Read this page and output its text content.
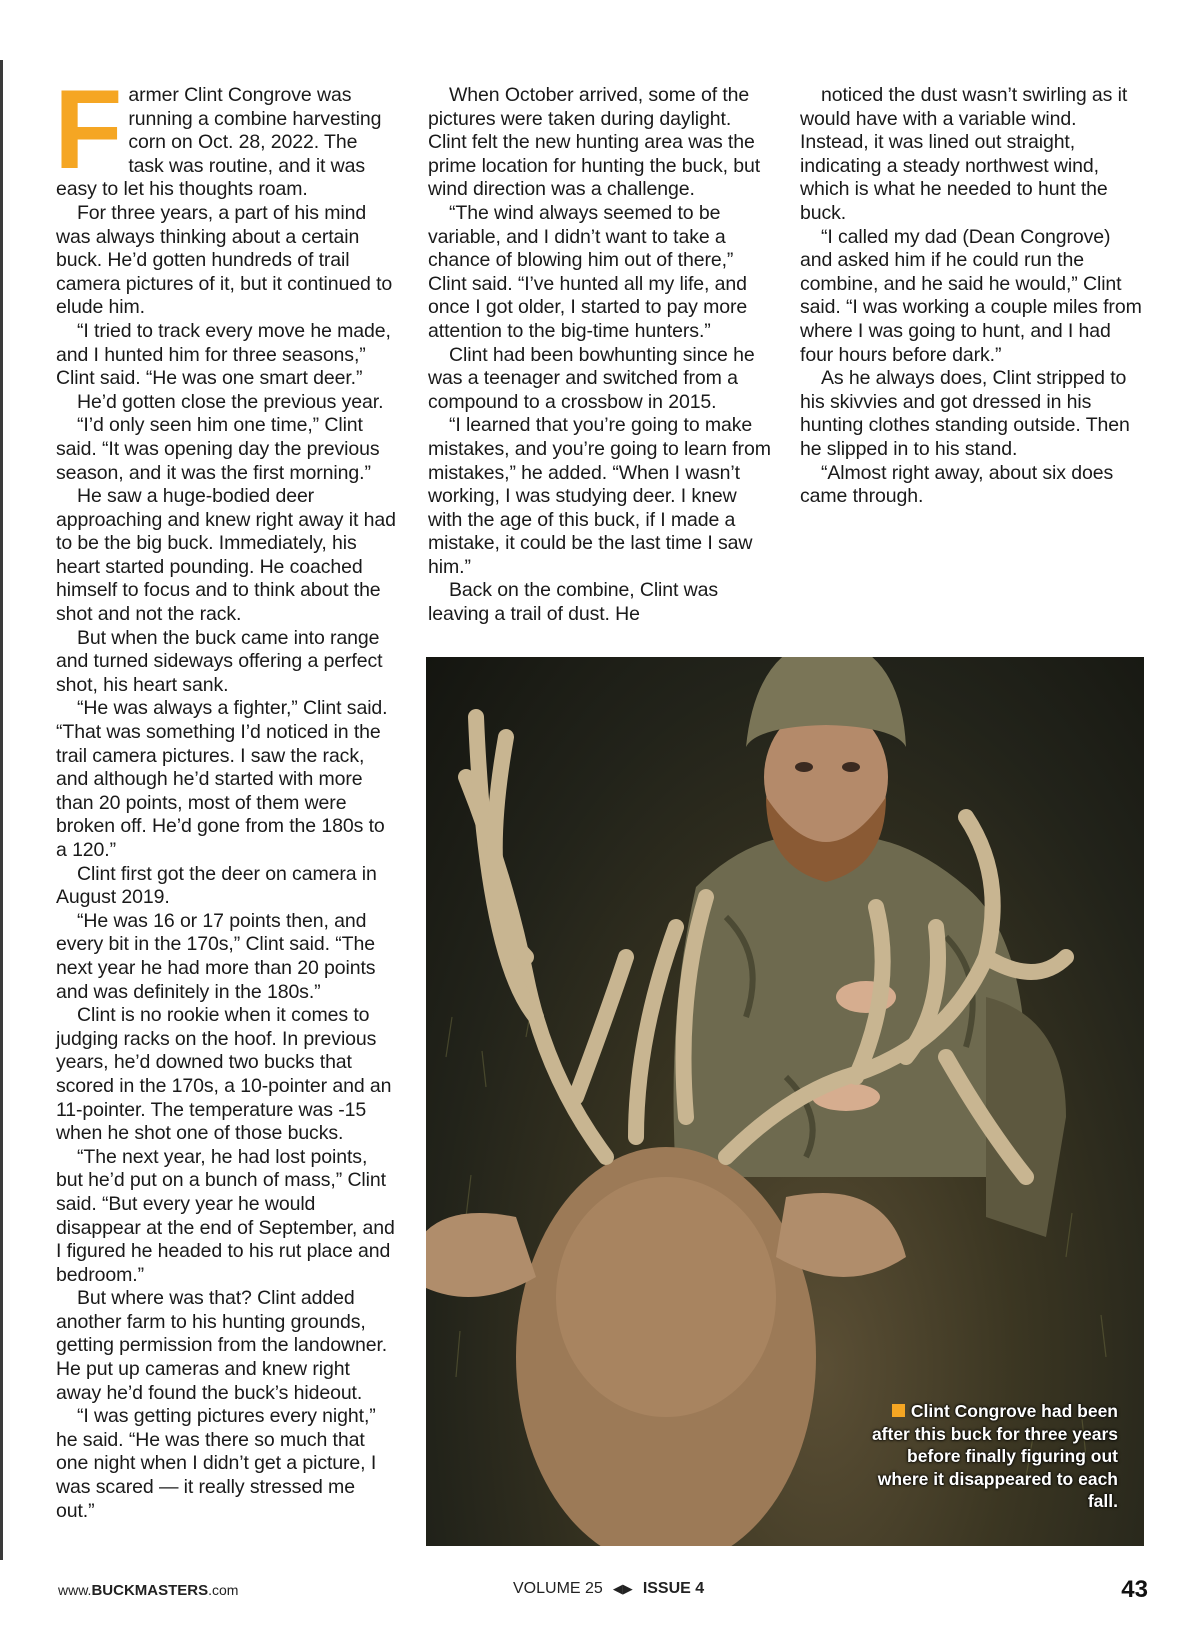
F armer Clint Congrove was running a combine harvesting corn on Oct. 28, 2022. The task was routine, and it was easy to let his thoughts roam.

For three years, a part of his mind was always thinking about a certain buck. He’d gotten hundreds of trail camera pictures of it, but it continued to elude him.

“I tried to track every move he made, and I hunted him for three seasons,” Clint said. “He was one smart deer.”

He’d gotten close the previous year.

“I’d only seen him one time,” Clint said. “It was opening day the previous season, and it was the first morning.”

He saw a huge-bodied deer approaching and knew right away it had to be the big buck. Immediately, his heart started pounding. He coached himself to focus and to think about the shot and not the rack.

But when the buck came into range and turned sideways offering a perfect shot, his heart sank.

“He was always a fighter,” Clint said. “That was something I’d noticed in the trail camera pictures. I saw the rack, and although he’d started with more than 20 points, most of them were broken off. He’d gone from the 180s to a 120.”

Clint first got the deer on camera in August 2019.

“He was 16 or 17 points then, and every bit in the 170s,” Clint said. “The next year he had more than 20 points and was definitely in the 180s.”

Clint is no rookie when it comes to judging racks on the hoof. In previous years, he’d downed two bucks that scored in the 170s, a 10-pointer and an 11-pointer. The temperature was -15 when he shot one of those bucks.

“The next year, he had lost points, but he’d put on a bunch of mass,” Clint said. “But every year he would disappear at the end of September, and I figured he headed to his rut place and bedroom.”

But where was that? Clint added another farm to his hunting grounds, getting permission from the landowner. He put up cameras and knew right away he’d found the buck’s hideout.

“I was getting pictures every night,” he said. “He was there so much that one night when I didn’t get a picture, I was scared — it really stressed me out.”

When October arrived, some of the pictures were taken during daylight. Clint felt the new hunting area was the prime location for hunting the buck, but wind direction was a challenge.

“The wind always seemed to be variable, and I didn’t want to take a chance of blowing him out of there,” Clint said. “I’ve hunted all my life, and once I got older, I started to pay more attention to the big-time hunters.”

Clint had been bowhunting since he was a teenager and switched from a compound to a crossbow in 2015.

“I learned that you’re going to make mistakes, and you’re going to learn from mistakes,” he added. “When I wasn’t working, I was studying deer. I knew with the age of this buck, if I made a mistake, it could be the last time I saw him.”

Back on the combine, Clint was leaving a trail of dust. He

noticed the dust wasn’t swirling as it would have with a variable wind. Instead, it was lined out straight, indicating a steady northwest wind, which is what he needed to hunt the buck.

“I called my dad (Dean Congrove) and asked him if he could run the combine, and he said he would,” Clint said. “I was working a couple miles from where I was going to hunt, and I had four hours before dark.”

As he always does, Clint stripped to his skivvies and got dressed in his hunting clothes standing outside. Then he slipped in to his stand.

“Almost right away, about six does came through.

Clint Congrove had been after this buck for three years before finally figuring out where it disappeared to each fall.
www.BUCKMASTERS.com	VOLUME 25 ◀▶ ISSUE 4	43
